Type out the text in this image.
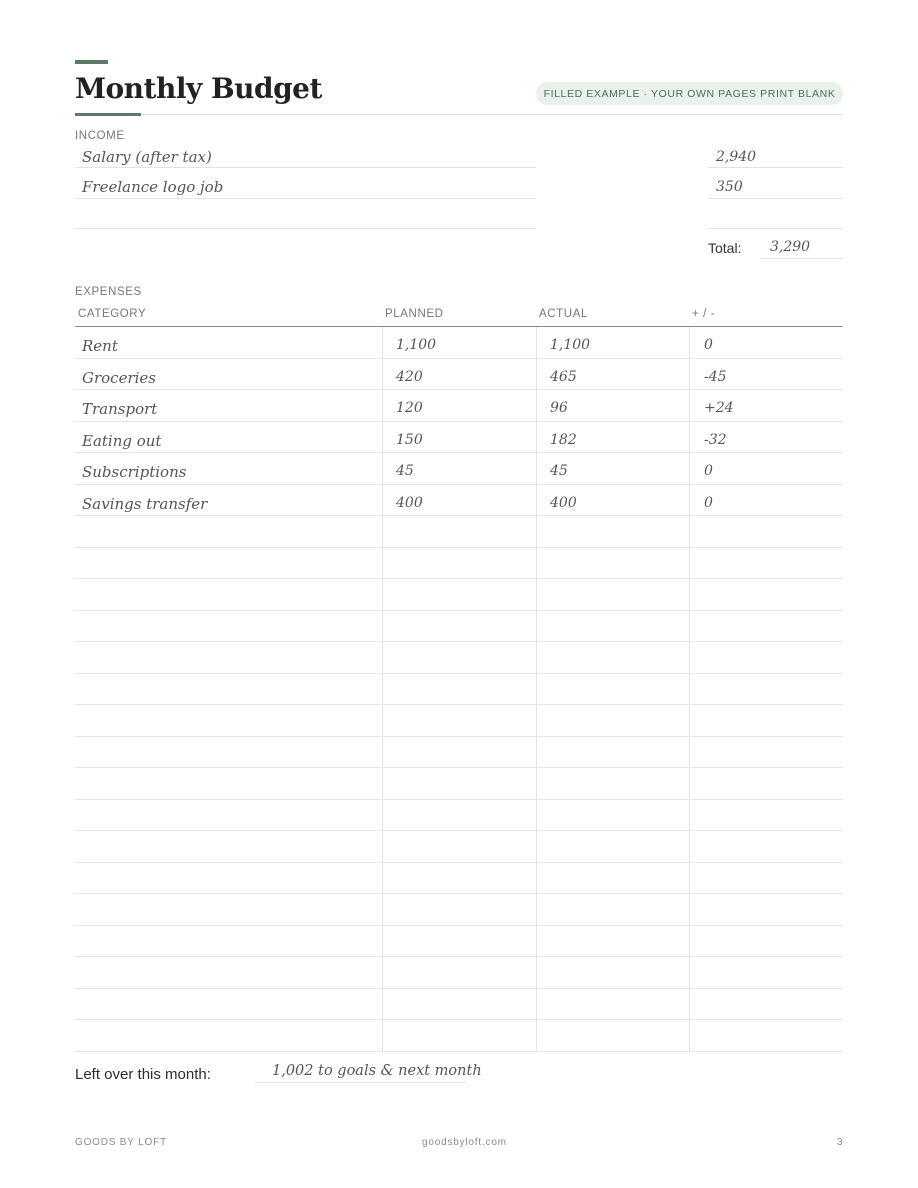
Monthly Budget	FILLED EXAMPLE · YOUR OWN PAGES PRINT BLANK
INCOME
Salary (after tax)	2,940
Freelance logo job	350
Total: 3,290
EXPENSES
CATEGORY	PLANNED	ACTUAL	+ / -
Rent	1,100	1,100	0
Groceries	420	465	-45
Transport	120	96	+24
Eating out	150	182	-32
Subscriptions	45	45	0
Savings transfer	400	400	0
Left over this month:	1,002 to goals & next month
GOODS BY LOFT	goodsbyloft.com	3
